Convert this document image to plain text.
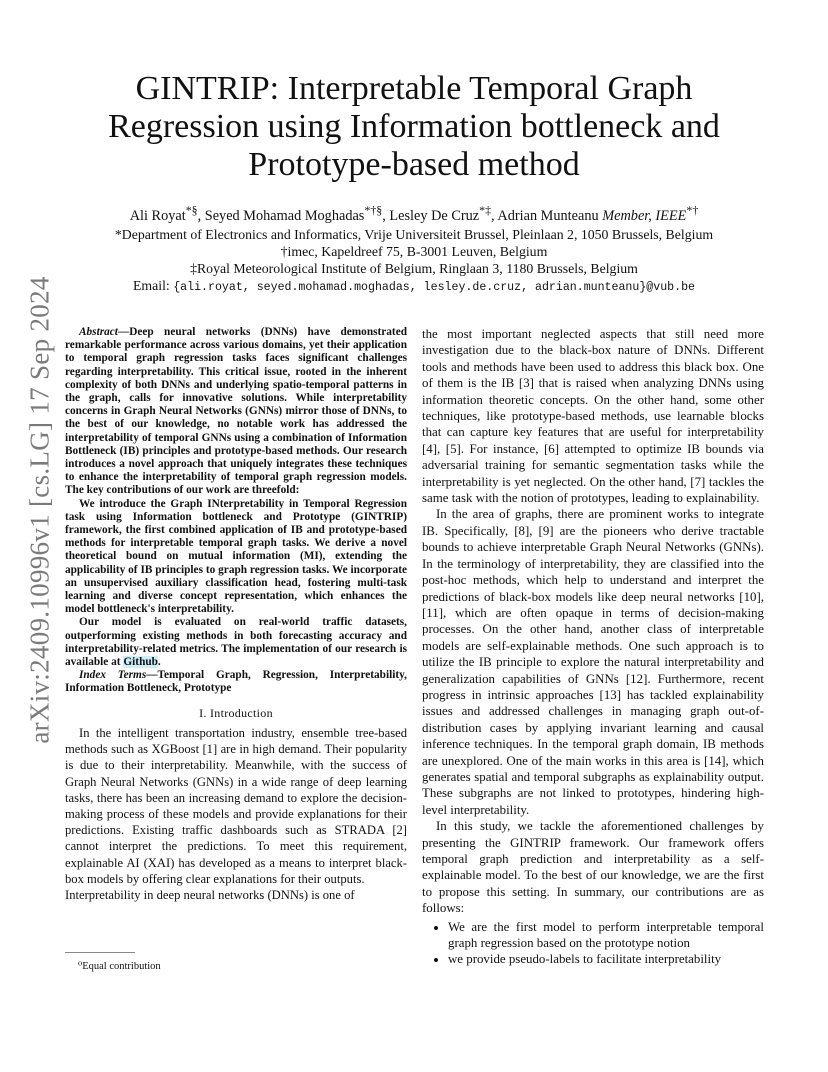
arXiv:2409.10996v1 [cs.LG] 17 Sep 2024
GINTRIP: Interpretable Temporal Graph Regression using Information bottleneck and Prototype-based method
Ali Royat*§, Seyed Mohamad Moghadas*†§, Lesley De Cruz*‡, Adrian Munteanu Member, IEEE*†
*Department of Electronics and Informatics, Vrije Universiteit Brussel, Pleinlaan 2, 1050 Brussels, Belgium
†imec, Kapeldreef 75, B-3001 Leuven, Belgium
‡Royal Meteorological Institute of Belgium, Ringlaan 3, 1180 Brussels, Belgium
Email: {ali.royat, seyed.mohamad.moghadas, lesley.de.cruz, adrian.munteanu}@vub.be

Abstract—Deep neural networks (DNNs) have demonstrated remarkable performance across various domains, yet their application to temporal graph regression tasks faces significant challenges regarding interpretability. This critical issue, rooted in the inherent complexity of both DNNs and underlying spatio-temporal patterns in the graph, calls for innovative solutions. While interpretability concerns in Graph Neural Networks (GNNs) mirror those of DNNs, to the best of our knowledge, no notable work has addressed the interpretability of temporal GNNs using a combination of Information Bottleneck (IB) principles and prototype-based methods. Our research introduces a novel approach that uniquely integrates these techniques to enhance the interpretability of temporal graph regression models. The key contributions of our work are threefold:

We introduce the Graph INterpretability in Temporal Regression task using Information bottleneck and Prototype (GINTRIP) framework, the first combined application of IB and prototype-based methods for interpretable temporal graph tasks. We derive a novel theoretical bound on mutual information (MI), extending the applicability of IB principles to graph regression tasks. We incorporate an unsupervised auxiliary classification head, fostering multi-task learning and diverse concept representation, which enhances the model bottleneck's interpretability.

Our model is evaluated on real-world traffic datasets, outperforming existing methods in both forecasting accuracy and interpretability-related metrics. The implementation of our research is available at Github.

Index Terms—Temporal Graph, Regression, Interpretability, Information Bottleneck, Prototype

I. Introduction

In the intelligent transportation industry, ensemble tree-based methods such as XGBoost [1] are in high demand. Their popularity is due to their interpretability. Meanwhile, with the success of Graph Neural Networks (GNNs) in a wide range of deep learning tasks, there has been an increasing demand to explore the decision-making process of these models and provide explanations for their predictions. Existing traffic dashboards such as STRADA [2] cannot interpret the predictions. To meet this requirement, explainable AI (XAI) has developed as a means to interpret black-box models by offering clear explanations for their outputs.

Interpretability in deep neural networks (DNNs) is one of

the most important neglected aspects that still need more investigation due to the black-box nature of DNNs. Different tools and methods have been used to address this black box. One of them is the IB [3] that is raised when analyzing DNNs using information theoretic concepts. On the other hand, some other techniques, like prototype-based methods, use learnable blocks that can capture key features that are useful for interpretability [4], [5]. For instance, [6] attempted to optimize IB bounds via adversarial training for semantic segmentation tasks while the interpretability is yet neglected. On the other hand, [7] tackles the same task with the notion of prototypes, leading to explainability.

In the area of graphs, there are prominent works to integrate IB. Specifically, [8], [9] are the pioneers who derive tractable bounds to achieve interpretable Graph Neural Networks (GNNs). In the terminology of interpretability, they are classified into the post-hoc methods, which help to understand and interpret the predictions of black-box models like deep neural networks [10], [11], which are often opaque in terms of decision-making processes. On the other hand, another class of interpretable models are self-explainable methods. One such approach is to utilize the IB principle to explore the natural interpretability and generalization capabilities of GNNs [12]. Furthermore, recent progress in intrinsic approaches [13] has tackled explainability issues and addressed challenges in managing graph out-of-distribution cases by applying invariant learning and causal inference techniques. In the temporal graph domain, IB methods are unexplored. One of the main works in this area is [14], which generates spatial and temporal subgraphs as explainability output. These subgraphs are not linked to prototypes, hindering high-level interpretability.

In this study, we tackle the aforementioned challenges by presenting the GINTRIP framework. Our framework offers temporal graph prediction and interpretability as a self-explainable model. To the best of our knowledge, we are the first to propose this setting. In summary, our contributions are as follows:

• We are the first model to perform interpretable temporal graph regression based on the prototype notion
• we provide pseudo-labels to facilitate interpretability
⁰Equal contribution
